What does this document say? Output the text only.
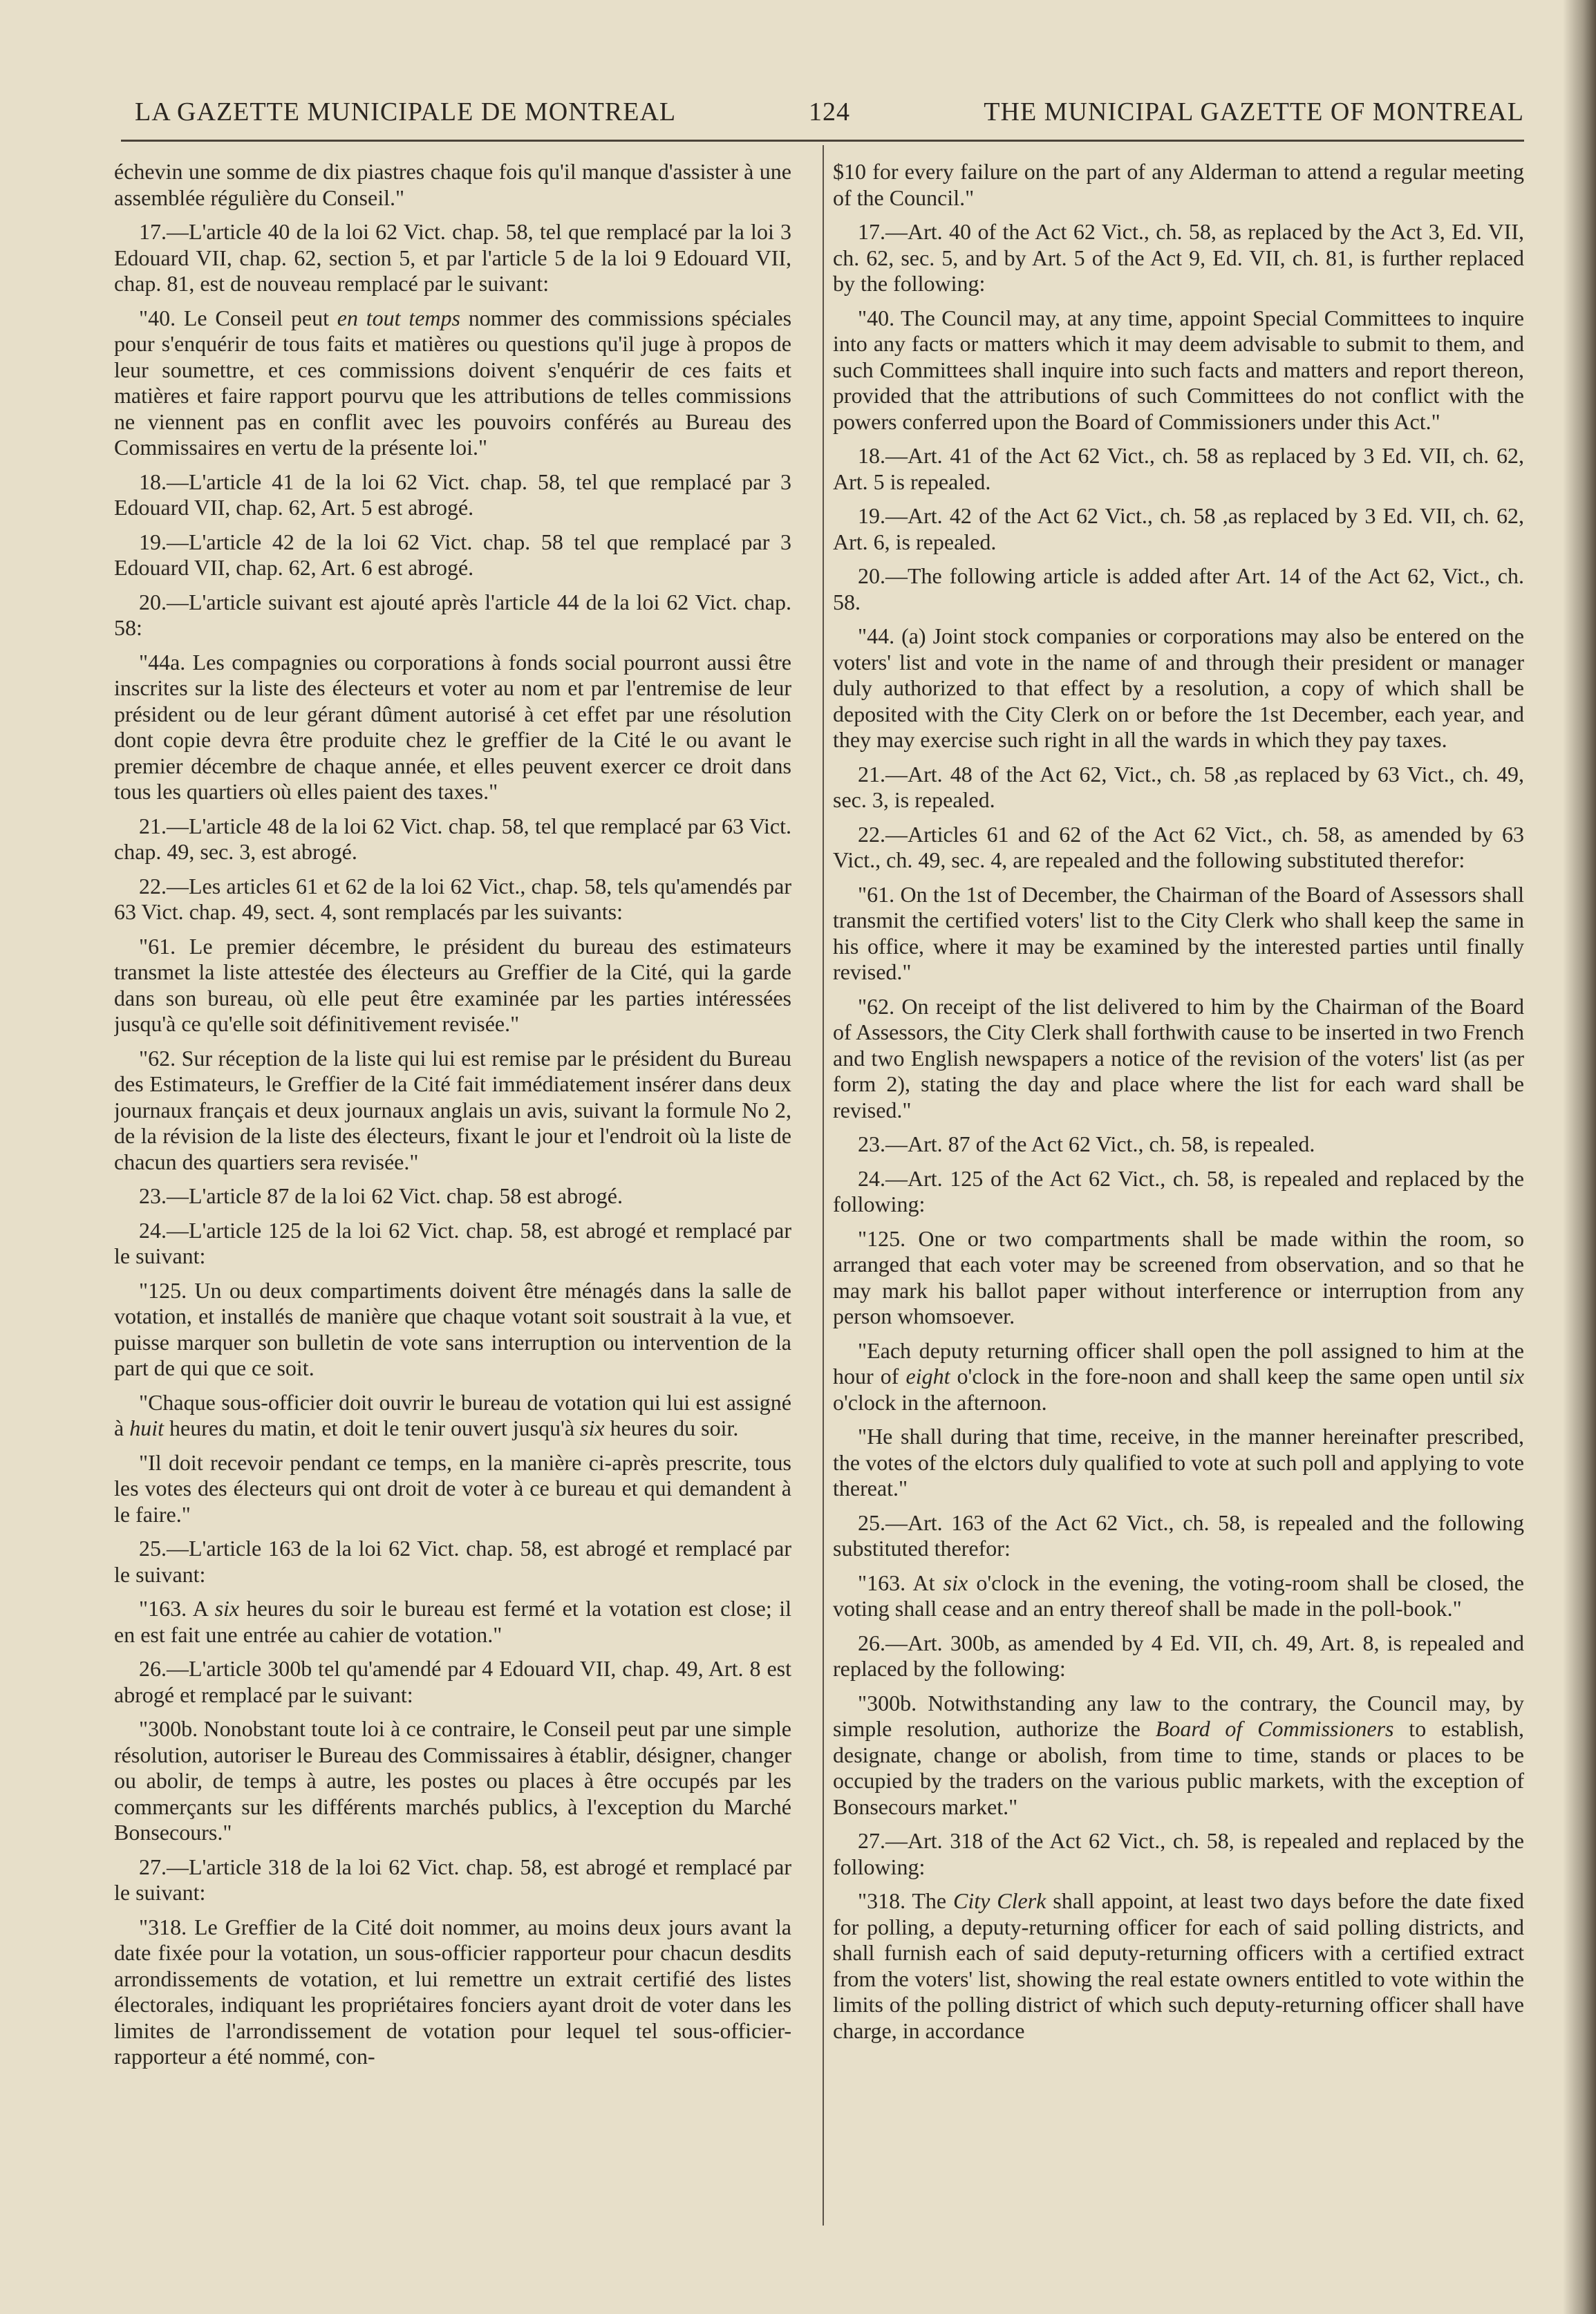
LA GAZETTE MUNICIPALE DE MONTREAL	124	THE MUNICIPAL GAZETTE OF MONTREAL

échevin une somme de dix piastres chaque fois qu'il manque d'assister à une assemblée régulière du Conseil."

17.—L'article 40 de la loi 62 Vict. chap. 58, tel que remplacé par la loi 3 Edouard VII, chap. 62, section 5, et par l'article 5 de la loi 9 Edouard VII, chap. 81, est de nouveau remplacé par le suivant:

"40. Le Conseil peut en tout temps nommer des commissions spéciales pour s'enquérir de tous faits et matières ou questions qu'il juge à propos de leur soumettre, et ces commissions doivent s'enquérir de ces faits et matières et faire rapport pourvu que les attributions de telles commissions ne viennent pas en conflit avec les pouvoirs conférés au Bureau des Commissaires en vertu de la présente loi."

18.—L'article 41 de la loi 62 Vict. chap. 58, tel que remplacé par 3 Edouard VII, chap. 62, Art. 5 est abrogé.

19.—L'article 42 de la loi 62 Vict. chap. 58 tel que remplacé par 3 Edouard VII, chap. 62, Art. 6 est abrogé.

20.—L'article suivant est ajouté après l'article 44 de la loi 62 Vict. chap. 58:

"44a. Les compagnies ou corporations à fonds social pourront aussi être inscrites sur la liste des électeurs et voter au nom et par l'entremise de leur président ou de leur gérant dûment autorisé à cet effet par une résolution dont copie devra être produite chez le greffier de la Cité le ou avant le premier décembre de chaque année, et elles peuvent exercer ce droit dans tous les quartiers où elles paient des taxes."

21.—L'article 48 de la loi 62 Vict. chap. 58, tel que remplacé par 63 Vict. chap. 49, sec. 3, est abrogé.

22.—Les articles 61 et 62 de la loi 62 Vict., chap. 58, tels qu'amendés par 63 Vict. chap. 49, sect. 4, sont remplacés par les suivants:

"61. Le premier décembre, le président du bureau des estimateurs transmet la liste attestée des électeurs au Greffier de la Cité, qui la garde dans son bureau, où elle peut être examinée par les parties intéressées jusqu'à ce qu'elle soit définitivement revisée."

"62. Sur réception de la liste qui lui est remise par le président du Bureau des Estimateurs, le Greffier de la Cité fait immédiatement insérer dans deux journaux français et deux journaux anglais un avis, suivant la formule No 2, de la révision de la liste des électeurs, fixant le jour et l'endroit où la liste de chacun des quartiers sera revisée."

23.—L'article 87 de la loi 62 Vict. chap. 58 est abrogé.

24.—L'article 125 de la loi 62 Vict. chap. 58, est abrogé et remplacé par le suivant:

"125. Un ou deux compartiments doivent être ménagés dans la salle de votation, et installés de manière que chaque votant soit soustrait à la vue, et puisse marquer son bulletin de vote sans interruption ou intervention de la part de qui que ce soit.

"Chaque sous-officier doit ouvrir le bureau de votation qui lui est assigné à huit heures du matin, et doit le tenir ouvert jusqu'à six heures du soir.

"Il doit recevoir pendant ce temps, en la manière ci-après prescrite, tous les votes des électeurs qui ont droit de voter à ce bureau et qui demandent à le faire."

25.—L'article 163 de la loi 62 Vict. chap. 58, est abrogé et remplacé par le suivant:

"163. A six heures du soir le bureau est fermé et la votation est close; il en est fait une entrée au cahier de votation."

26.—L'article 300b tel qu'amendé par 4 Edouard VII, chap. 49, Art. 8 est abrogé et remplacé par le suivant:

"300b. Nonobstant toute loi à ce contraire, le Conseil peut par une simple résolution, autoriser le Bureau des Commissaires à établir, désigner, changer ou abolir, de temps à autre, les postes ou places à être occupés par les commerçants sur les différents marchés publics, à l'exception du Marché Bonsecours."

27.—L'article 318 de la loi 62 Vict. chap. 58, est abrogé et remplacé par le suivant:

"318. Le Greffier de la Cité doit nommer, au moins deux jours avant la date fixée pour la votation, un sous-officier rapporteur pour chacun desdits arrondissements de votation, et lui remettre un extrait certifié des listes électorales, indiquant les propriétaires fonciers ayant droit de voter dans les limites de l'arrondissement de votation pour lequel tel sous-officier-rapporteur a été nommé, con-

$10 for every failure on the part of any Alderman to attend a regular meeting of the Council."

17.—Art. 40 of the Act 62 Vict., ch. 58, as replaced by the Act 3, Ed. VII, ch. 62, sec. 5, and by Art. 5 of the Act 9, Ed. VII, ch. 81, is further replaced by the following:

"40. The Council may, at any time, appoint Special Committees to inquire into any facts or matters which it may deem advisable to submit to them, and such Committees shall inquire into such facts and matters and report thereon, provided that the attributions of such Committees do not conflict with the powers conferred upon the Board of Commissioners under this Act."

18.—Art. 41 of the Act 62 Vict., ch. 58 as replaced by 3 Ed. VII, ch. 62, Art. 5 is repealed.

19.—Art. 42 of the Act 62 Vict., ch. 58 ,as replaced by 3 Ed. VII, ch. 62, Art. 6, is repealed.

20.—The following article is added after Art. 14 of the Act 62, Vict., ch. 58.

"44. (a) Joint stock companies or corporations may also be entered on the voters' list and vote in the name of and through their president or manager duly authorized to that effect by a resolution, a copy of which shall be deposited with the City Clerk on or before the 1st December, each year, and they may exercise such right in all the wards in which they pay taxes.

21.—Art. 48 of the Act 62, Vict., ch. 58 ,as replaced by 63 Vict., ch. 49, sec. 3, is repealed.

22.—Articles 61 and 62 of the Act 62 Vict., ch. 58, as amended by 63 Vict., ch. 49, sec. 4, are repealed and the following substituted therefor:

"61. On the 1st of December, the Chairman of the Board of Assessors shall transmit the certified voters' list to the City Clerk who shall keep the same in his office, where it may be examined by the interested parties until finally revised."

"62. On receipt of the list delivered to him by the Chairman of the Board of Assessors, the City Clerk shall forthwith cause to be inserted in two French and two English newspapers a notice of the revision of the voters' list (as per form 2), stating the day and place where the list for each ward shall be revised."

23.—Art. 87 of the Act 62 Vict., ch. 58, is repealed.

24.—Art. 125 of the Act 62 Vict., ch. 58, is repealed and replaced by the following:

"125. One or two compartments shall be made within the room, so arranged that each voter may be screened from observation, and so that he may mark his ballot paper without interference or interruption from any person whomsoever.

"Each deputy returning officer shall open the poll assigned to him at the hour of eight o'clock in the fore-noon and shall keep the same open until six o'clock in the afternoon.

"He shall during that time, receive, in the manner hereinafter prescribed, the votes of the elctors duly qualified to vote at such poll and applying to vote thereat."

25.—Art. 163 of the Act 62 Vict., ch. 58, is repealed and the following substituted therefor:

"163. At six o'clock in the evening, the voting-room shall be closed, the voting shall cease and an entry thereof shall be made in the poll-book."

26.—Art. 300b, as amended by 4 Ed. VII, ch. 49, Art. 8, is repealed and replaced by the following:

"300b. Notwithstanding any law to the contrary, the Council may, by simple resolution, authorize the Board of Commissioners to establish, designate, change or abolish, from time to time, stands or places to be occupied by the traders on the various public markets, with the exception of Bonsecours market."

27.—Art. 318 of the Act 62 Vict., ch. 58, is repealed and replaced by the following:

"318. The City Clerk shall appoint, at least two days before the date fixed for polling, a deputy-returning officer for each of said polling districts, and shall furnish each of said deputy-returning officers with a certified extract from the voters' list, showing the real estate owners entitled to vote within the limits of the polling district of which such deputy-returning officer shall have charge, in accordance
